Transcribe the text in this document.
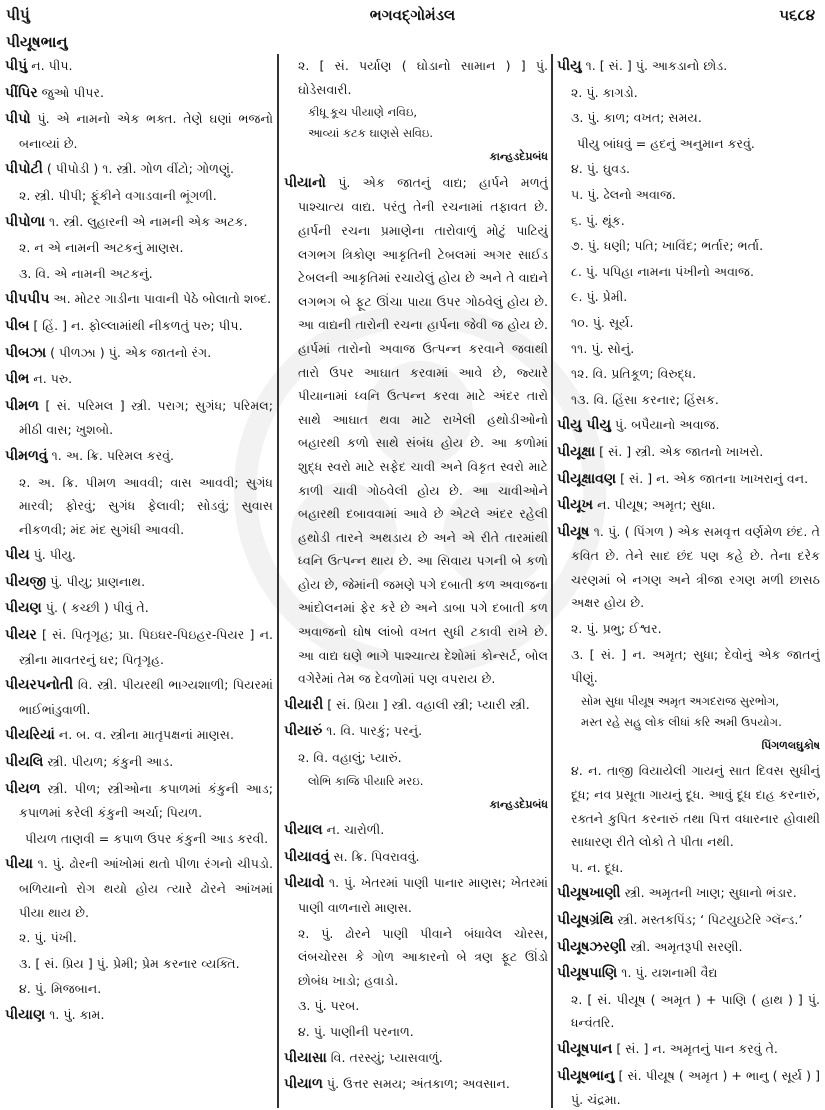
પીપું	ભગવદ્ગોમંડલ	૫૬૮૪
પીયૂષભાનુ

પીપું ન. પીપ.

પીંપિર જુઓ પીપર.

પીપો પું. એ નામનો એક ભક્ત. તેણે ઘણાં ભજનો બનાવ્યાં છે.

પીપોટી ( પીપોડી ) ૧. સ્ત્રી. ગોળ વીંટો; ગોળણું.

૨. સ્ત્રી. પીપી; ફૂંકીને વગાડવાની ભૂંગળી.

પીપોળા ૧. સ્ત્રી. લુહારની એ નામની એક અટક.

૨. ન એ નામની અટકનું માણસ.

૩. વિ. એ નામની અટકનું.

પીપપીપ અ. મોટર ગાડીના પાવાની પેઠે બોલાતો શબ્દ.

પીબ [ હિં. ] ન. ફોલ્લામાંથી નીકળતું પરુ; પીપ.

પીબઝા ( પીળઝા ) પું. એક જાતનો રંગ.

પીભ ન. પરુ.

પીમળ [ સં. પરિમલ ] સ્ત્રી. પરાગ; સુગંધ; પરિમલ; મીઠી વાસ; ખુશબો.

પીમળવું ૧. અ. ક્રિ. પરિમલ કરવું.

૨. અ. ક્રિ. પીમળ આવવી; વાસ આવવી; સુગંધ મારવી; ફોરવું; સુગંધ ફેલાવી; સોડવું; સુવાસ નીકળવી; મંદ મંદ સુગંધી આવવી.

પીય પું. પીયુ.

પીયજી પું. પીયુ; પ્રાણનાથ.

પીયણ પું. ( કચ્છી ) પીવું તે.

પીયર [ સં. પિતૃગૃહ; પ્રા. પિઇઘર-પિઇહર-પિયર ] ન. સ્ત્રીના માવતરનું ઘર; પિતૃગૃહ.

પીયરપનોતી વિ. સ્ત્રી. પીયરથી ભાગ્યશાળી; પિયરમાં ભાઈભાંડુવાળી.

પીયરિયાં ન. બ. વ. સ્ત્રીના માતૃપક્ષનાં માણસ.

પીયલિ સ્ત્રી. પીયળ; કંકુની આડ.

પીયળ સ્ત્રી. પીળ; સ્ત્રીઓના કપાળમાં કંકુની આડ; કપાળમાં કરેલી કંકુની અર્ચા; પિયળ.

પીયળ તાણવી = કપાળ ઉપર કંકુની આડ કરવી.

પીયા ૧. પું. ઢોરની આંખોમાં થતો પીળા રંગનો ચીપડો. બળિયાનો રોગ થયો હોય ત્યારે ઢોરને આંખમાં પીયા થાય છે.

૨. પું. પંખી.

૩. [ સં. પ્રિય ] પું. પ્રેમી; પ્રેમ કરનાર વ્યક્તિ.

૪. પું. મિજબાન.

પીયાણ ૧. પું. કામ.

૨. [ સં. પર્યાણ ( ઘોડાનો સામાન ) ] પું. ઘોડેસવારી.

કીધૂ કૂચ પીયાણે નવિઇ,

આવ્યાં કટક ઘાણસે સવિઇ.

કાન્હડદેપ્રબંધ

પીયાનો પું. એક જાતનું વાદ્ય; હાર્પને મળતું પાશ્ચાત્ય વાદ્ય. પરંતુ તેની રચનામાં તફાવત છે. હાર્પની રચના પ્રમાણેના તારોવાળું મોટું પાટિયું લગભગ ત્રિકોણ આકૃતિની ટેબલમાં અગર સાઈડ ટેબલની આકૃતિમાં રચાયેલું હોય છે અને તે વાદ્યને લગભગ બે ફૂટ ઊંચા પાયા ઉપર ગોઠવેલું હોય છે. આ વાદ્યની તારોની રચના હાર્પના જેવી જ હોય છે. હાર્પમાં તારોનો અવાજ ઉત્પન્ન કરવાને જવાથી તારો ઉપર આઘાત કરવામાં આવે છે, જ્યારે પીયાનામાં ધ્વનિ ઉત્પન્ન કરવા માટે અંદર તારો સાથે આઘાત થવા માટે રાખેલી હથોડીઓનો બહારથી કળો સાથે સંબંધ હોય છે. આ કળોમાં શુદ્ધ સ્વરો માટે સફેદ ચાવી અને વિકૃત સ્વરો માટે કાળી ચાવી ગોઠવેલી હોય છે. આ ચાવીઓને બહારથી દબાવવામાં આવે છે એટલે અંદર રહેલી હથોડી તારને અથડાય છે અને એ રીતે તારમાંથી ધ્વનિ ઉત્પન્ન થાય છે. આ સિવાય પગની બે કળો હોય છે, જેમાંની જમણે પગે દબાતી કળ અવાજના આંદોલનમાં ફેર કરે છે અને ડાબા પગે દબાતી કળ અવાજનો ઘોષ લાંબો વખત સુધી ટકાવી રાખે છે. આ વાદ્ય ઘણે ભાગે પાશ્ચાત્ય દેશોમાં કોન્સર્ટ, બોલ વગેરેમાં તેમ જ દેવળોમાં પણ વપરાય છે.

પીયારી [ સં. પ્રિયા ] સ્ત્રી. વહાલી સ્ત્રી; પ્યારી સ્ત્રી.

પીયારું ૧. વિ. પારકું; પરનું.

૨. વિ. વહાલું; પ્યારું.

લોભિ કાજિ પીયારિ મરઇ.

કાન્હડદેપ્રબંધ

પીયાલ ન. ચારોળી.

પીયાવવું સ. ક્રિ. પિવરાવવું.

પીયાવો ૧. પું. ખેતરમાં પાણી પાનાર માણસ; ખેતરમાં પાણી વાળનારો માણસ.

૨. પું. ઢોરને પાણી પીવાને બંધાવેલ ચોરસ, લંબચોરસ કે ગોળ આકારનો બે ત્રણ ફૂટ ઊંડો છોબંધ ખાડો; હવાડો.

૩. પું. પરબ.

૪. પું. પાણીની પરનાળ.

પીયાસા વિ. તરસ્યું; પ્યાસવાળું.

પીયાળ પું. ઉત્તર સમય; અંતકાળ; અવસાન.

પીયુ ૧. [ સં. ] પું. આકડાનો છોડ.

૨. પું. કાગડો.

૩. પું. કાળ; વખત; સમય.

પીયુ બાંધવું = હદનું અનુમાન કરવું.

૪. પું. ઘુવડ.

૫. પું. ઢેલનો અવાજ.

૬. પું. થૂંક.

૭. પું. ધણી; પતિ; ખાવિંદ; ભર્તાર; ભર્તા.

૮. પું. પપિહા નામના પંખીનો અવાજ.

૯. પું. પ્રેમી.

૧૦. પું. સૂર્ય.

૧૧. પું. સોનું.

૧૨. વિ. પ્રતિકૂળ; વિરુદ્ધ.

૧૩. વિ. હિંસા કરનાર; હિંસક.

પીયુ પીયુ પું. બપૈયાનો અવાજ.

પીયૂક્ષા [ સં. ] સ્ત્રી. એક જાતનો ખાખરો.

પીયૂક્ષાવણ [ સં. ] ન. એક જાતના ખાખરાનું વન.

પીયૂખ ન. પીયૂષ; અમૃત; સુધા.

પીયૂષ ૧. પું. ( પિંગળ ) એક સમવૃત્ત વર્ણમેળ છંદ. તે કવિત છે. તેને સાદ છંદ પણ કહે છે. તેના દરેક ચરણમાં બે નગણ અને ત્રીજા રગણ મળી છાસઠ અક્ષર હોય છે.

૨. પું. પ્રભુ; ઈશ્વર.

૩. [ સં. ] ન. અમૃત; સુધા; દેવોનું એક જાતનું પીણું.

સોમ સુધા પીયૂષ અમૃત અગદરાજ સુરભોગ,

મસ્ત રહે સહુ લોક લીધાં કરિ અમી ઉપયોગ.

પિંગળલઘુકોષ

૪. ન. તાજી વિયાયેલી ગાયનું સાત દિવસ સુધીનું દૂધ; નવ પ્રસૂતા ગાયનું દૂધ. આવું દૂધ દાહ કરનારું, રક્તને કુપિત કરનારું તથા પિત્ત વધારનાર હોવાથી સાધારણ રીતે લોકો તે પીતા નથી.

૫. ન. દૂધ.

પીયૂષખાણી સ્ત્રી. અમૃતની ખાણ; સુધાનો ભંડાર.

પીયૂષગ્રંથિ સ્ત્રી. મસ્તકપિંડ; ‘ પિટયુઇટેરિ ગ્લૅન્ડ.’

પીયૂષઝરણી સ્ત્રી. અમૃતરૂપી સરણી.

પીયૂષપાણિ ૧. પું. યશનામી વૈદ્ય

૨. [ સં. પીયૂષ ( અમૃત ) + પાણિ ( હાથ ) ] પું. ધન્વંતરિ.

પીયૂષપાન [ સં. ] ન. અમૃતનું પાન કરવું તે.

પીયૂષભાનુ [ સં. પીયૂષ ( અમૃત ) + ભાનુ ( સૂર્ય ) ] પું. ચંદ્રમા.
